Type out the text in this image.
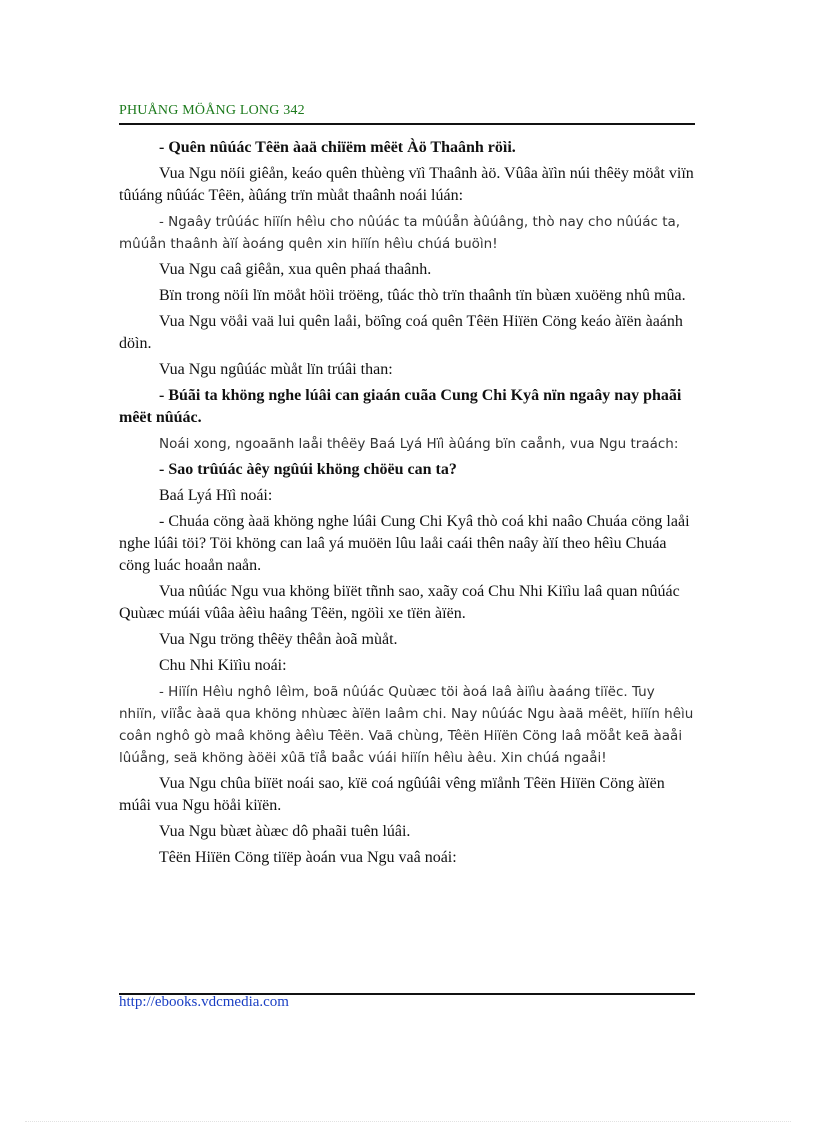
PHUÅNG MÖÅNG LONG 342

- Quên nûúác Têën àaä chiïëm mêët Àö Thaânh röìi.

Vua Ngu nöíi giêån, keáo quên thùèng vïì Thaânh àö. Vûâa àïìn núi thêëy möåt viïn tûúáng nûúác Têën, àûáng trïn mùåt thaânh noái lúán:

- Ngaây trûúác hiïín hêìu cho nûúác ta mûúån àûúâng, thò nay cho nûúác ta, mûúån thaânh àïí àoáng quên xin hiïín hêìu chúá buöìn!

Vua Ngu caâ giêån, xua quên phaá thaânh.

Bïn trong nöíi lïn möåt höìi tröëng, tûác thò trïn thaânh tïn bùæn xuöëng nhû mûa.

Vua Ngu vöåi vaä lui quên laåi, böîng coá quên Têën Hiïën Cöng keáo àïën àaánh döìn.

Vua Ngu ngûúác mùåt lïn trúâi than:

- Búãi ta khöng nghe lúâi can giaán cuãa Cung Chi Kyâ nïn ngaây nay phaãi mêët nûúác.

Noái xong, ngoaãnh laåi thêëy Baá Lyá Hïì àûáng bïn caånh, vua Ngu traách:

- Sao trûúác àêy ngûúi khöng chöëu can ta?

Baá Lyá Hïì noái:

- Chuáa cöng àaä khöng nghe lúâi Cung Chi Kyâ thò coá khi naâo Chuáa cöng laåi nghe lúâi töi? Töi khöng can laâ yá muöën lûu laåi caái thên naây àïí theo hêìu Chuáa cöng luác hoaån naån.

Vua nûúác Ngu vua khöng biïët tñnh sao, xaãy coá Chu Nhi Kiïìu laâ quan nûúác Quùæc múái vûâa àêìu haâng Têën, ngöìi xe tïën àïën.

Vua Ngu tröng thêëy thêån àoã mùåt.

Chu Nhi Kiïìu noái:

- Hiïín Hêìu nghô lêìm, boã nûúác Quùæc töi àoá laâ àiïìu àaáng tiïëc. Tuy nhiïn, viïåc àaä qua khöng nhùæc àïën laâm chi. Nay nûúác Ngu àaä mêët, hiïín hêìu coân nghô gò maâ khöng àêìu Têën. Vaã chùng, Têën Hiïën Cöng laâ möåt keã àaåi lûúång, seä khöng àöëi xûã tïå baåc vúái hiïín hêìu àêu. Xin chúá ngaåi!

Vua Ngu chûa biïët noái sao, kïë coá ngûúâi vêng mïånh Têën Hiïën Cöng àïën múâi vua Ngu höåi kiïën.

Vua Ngu bùæt àùæc dô phaãi tuên lúâi.

Têën Hiïën Cöng tiïëp àoán vua Ngu vaâ noái:

http://ebooks.vdcmedia.com
